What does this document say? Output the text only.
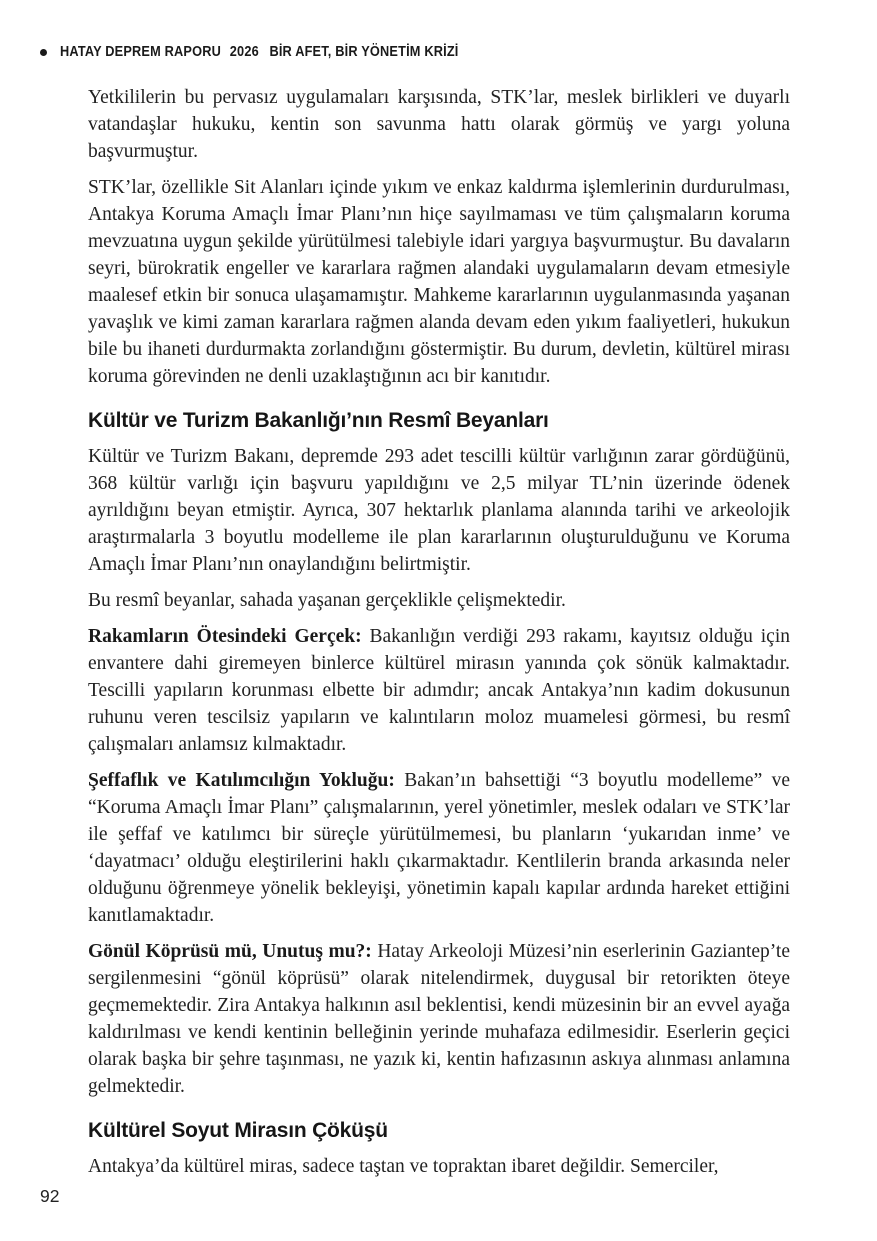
HATAY DEPREM RAPORU 2026 BİR AFET, BİR YÖNETİM KRİZİ

Yetkililerin bu pervasız uygulamaları karşısında, STK’lar, meslek birlikleri ve duyarlı vatandaşlar hukuku, kentin son savunma hattı olarak görmüş ve yargı yoluna başvurmuştur.

STK’lar, özellikle Sit Alanları içinde yıkım ve enkaz kaldırma işlemlerinin durdurulması, Antakya Koruma Amaçlı İmar Planı’nın hiçe sayılmaması ve tüm çalışmaların koruma mevzuatına uygun şekilde yürütülmesi talebiyle idari yargıya başvurmuştur. Bu davaların seyri, bürokratik engeller ve kararlara rağmen alandaki uygulamaların devam etmesiyle maalesef etkin bir sonuca ulaşamamıştır. Mahkeme kararlarının uygulanmasında yaşanan yavaşlık ve kimi zaman kararlara rağmen alanda devam eden yıkım faaliyetleri, hukukun bile bu ihaneti durdurmakta zorlandığını göstermiştir. Bu durum, devletin, kültürel mirası koruma görevinden ne denli uzaklaştığının acı bir kanıtıdır.

Kültür ve Turizm Bakanlığı’nın Resmî Beyanları

Kültür ve Turizm Bakanı, depremde 293 adet tescilli kültür varlığının zarar gördüğünü, 368 kültür varlığı için başvuru yapıldığını ve 2,5 milyar TL’nin üzerinde ödenek ayrıldığını beyan etmiştir. Ayrıca, 307 hektarlık planlama alanında tarihi ve arkeolojik araştırmalarla 3 boyutlu modelleme ile plan kararlarının oluşturulduğunu ve Koruma Amaçlı İmar Planı’nın onaylandığını belirtmiştir.

Bu resmî beyanlar, sahada yaşanan gerçeklikle çelişmektedir.

Rakamların Ötesindeki Gerçek: Bakanlığın verdiği 293 rakamı, kayıtsız olduğu için envantere dahi giremeyen binlerce kültürel mirasın yanında çok sönük kalmaktadır. Tescilli yapıların korunması elbette bir adımdır; ancak Antakya’nın kadim dokusunun ruhunu veren tescilsiz yapıların ve kalıntıların moloz muamelesi görmesi, bu resmî çalışmaları anlamsız kılmaktadır.

Şeffaflık ve Katılımcılığın Yokluğu: Bakan’ın bahsettiği “3 boyutlu modelleme” ve “Koruma Amaçlı İmar Planı” çalışmalarının, yerel yönetimler, meslek odaları ve STK’lar ile şeffaf ve katılımcı bir süreçle yürütülmemesi, bu planların ‘yukarıdan inme’ ve ‘dayatmacı’ olduğu eleştirilerini haklı çıkarmaktadır. Kentlilerin branda arkasında neler olduğunu öğrenmeye yönelik bekleyişi, yönetimin kapalı kapılar ardında hareket ettiğini kanıtlamaktadır.

Gönül Köprüsü mü, Unutuş mu?: Hatay Arkeoloji Müzesi’nin eserlerinin Gaziantep’te sergilenmesini “gönül köprüsü” olarak nitelendirmek, duygusal bir retorikten öteye geçmemektedir. Zira Antakya halkının asıl beklentisi, kendi müzesinin bir an evvel ayağa kaldırılması ve kendi kentinin belleğinin yerinde muhafaza edilmesidir. Eserlerin geçici olarak başka bir şehre taşınması, ne yazık ki, kentin hafızasının askıya alınması anlamına gelmektedir.

Kültürel Soyut Mirasın Çöküşü

Antakya’da kültürel miras, sadece taştan ve topraktan ibaret değildir. Semerciler,

92
